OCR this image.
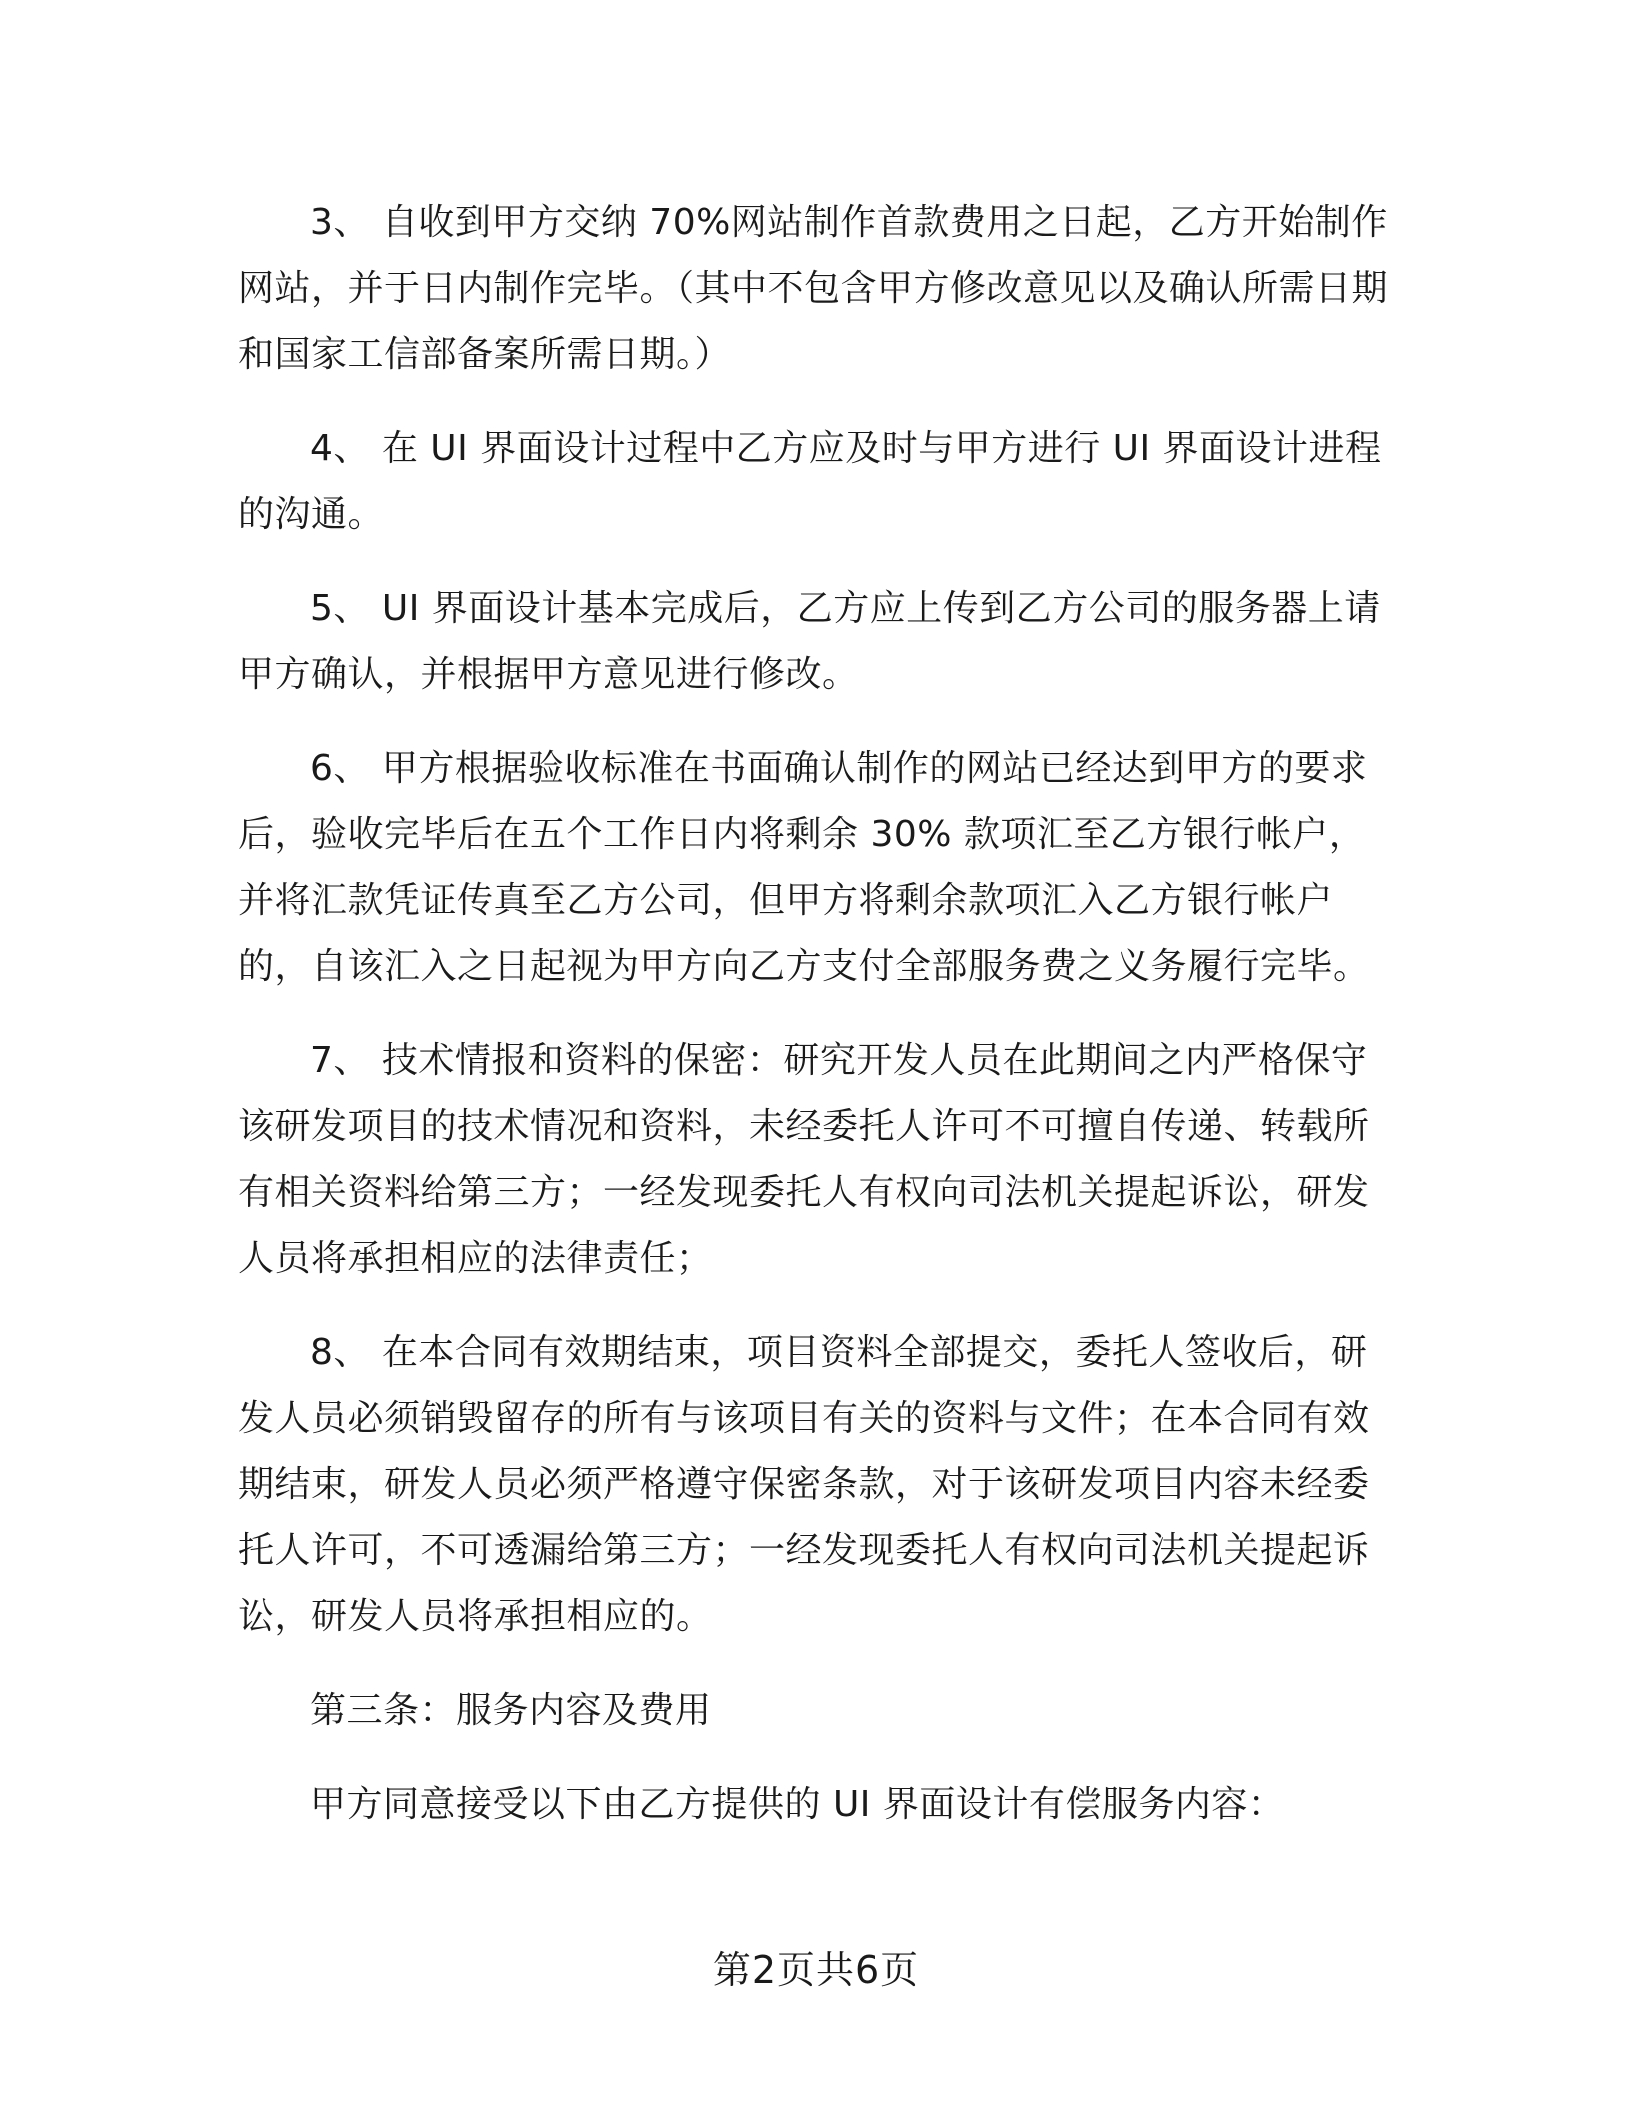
3、 自收到甲方交纳 70%网站制作首款费用之日起，乙方开始制作网站，并于日内制作完毕。（其中不包含甲方修改意见以及确认所需日期和国家工信部备案所需日期。）

4、 在 UI 界面设计过程中乙方应及时与甲方进行 UI 界面设计进程的沟通。

5、 UI 界面设计基本完成后，乙方应上传到乙方公司的服务器上请甲方确认，并根据甲方意见进行修改。

6、 甲方根据验收标准在书面确认制作的网站已经达到甲方的要求后，验收完毕后在五个工作日内将剩余 30% 款项汇至乙方银行帐户，并将汇款凭证传真至乙方公司，但甲方将剩余款项汇入乙方银行帐户的，自该汇入之日起视为甲方向乙方支付全部服务费之义务履行完毕。

7、 技术情报和资料的保密：研究开发人员在此期间之内严格保守该研发项目的技术情况和资料，未经委托人许可不可擅自传递、转载所有相关资料给第三方；一经发现委托人有权向司法机关提起诉讼，研发人员将承担相应的法律责任；

8、 在本合同有效期结束，项目资料全部提交，委托人签收后，研发人员必须销毁留存的所有与该项目有关的资料与文件；在本合同有效期结束，研发人员必须严格遵守保密条款，对于该研发项目内容未经委托人许可，不可透漏给第三方；一经发现委托人有权向司法机关提起诉讼，研发人员将承担相应的。

第三条：服务内容及费用

甲方同意接受以下由乙方提供的 UI 界面设计有偿服务内容：

第2页共6页
